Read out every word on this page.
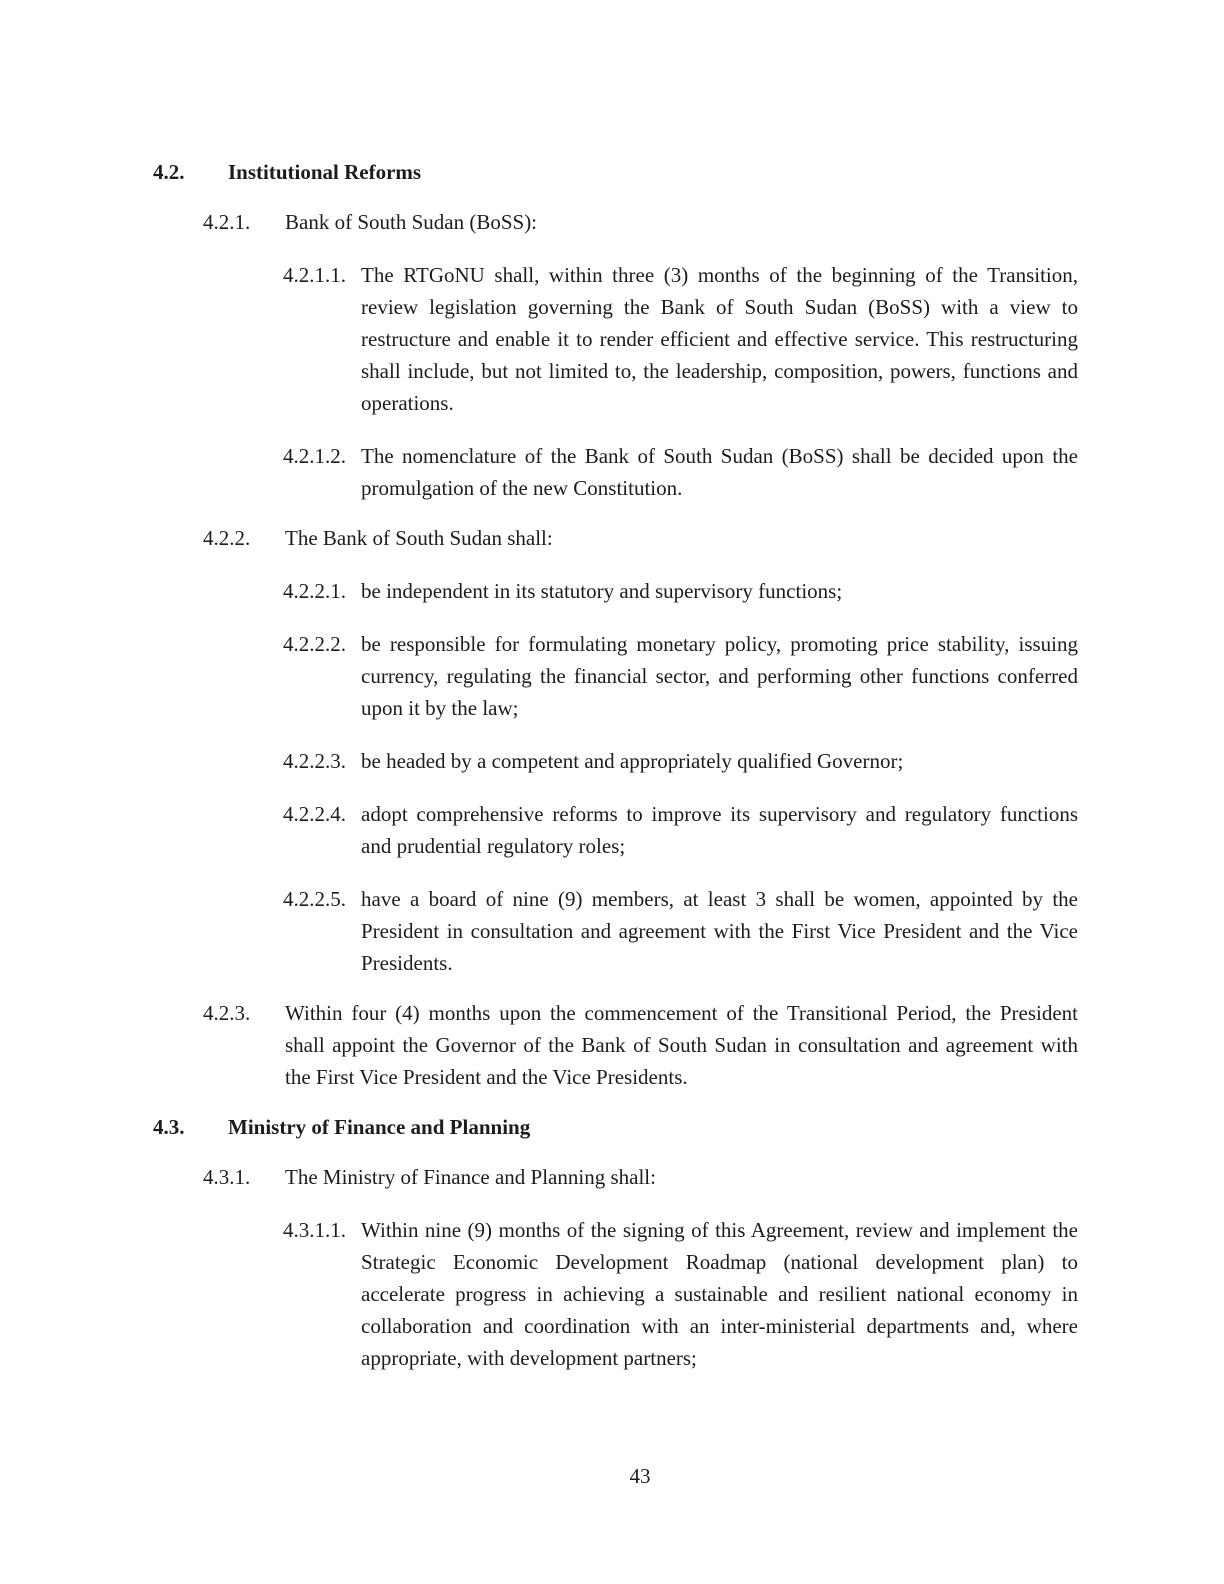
4.2.	Institutional Reforms
4.2.1.	Bank of South Sudan (BoSS):

4.2.1.1. The RTGoNU shall, within three (3) months of the beginning of the Transition, review legislation governing the Bank of South Sudan (BoSS) with a view to restructure and enable it to render efficient and effective service. This restructuring shall include, but not limited to, the leadership, composition, powers, functions and operations.

4.2.1.2. The nomenclature of the Bank of South Sudan (BoSS) shall be decided upon the promulgation of the new Constitution.

4.2.2.	The Bank of South Sudan shall:

4.2.2.1. be independent in its statutory and supervisory functions;

4.2.2.2. be responsible for formulating monetary policy, promoting price stability, issuing currency, regulating the financial sector, and performing other functions conferred upon it by the law;

4.2.2.3. be headed by a competent and appropriately qualified Governor;

4.2.2.4. adopt comprehensive reforms to improve its supervisory and regulatory functions and prudential regulatory roles;

4.2.2.5. have a board of nine (9) members, at least 3 shall be women, appointed by the President in consultation and agreement with the First Vice President and the Vice Presidents.

4.2.3.	Within four (4) months upon the commencement of the Transitional Period, the President shall appoint the Governor of the Bank of South Sudan in consultation and agreement with the First Vice President and the Vice Presidents.
4.3.	Ministry of Finance and Planning
4.3.1.	The Ministry of Finance and Planning shall:

4.3.1.1. Within nine (9) months of the signing of this Agreement, review and implement the Strategic Economic Development Roadmap (national development plan) to accelerate progress in achieving a sustainable and resilient national economy in collaboration and coordination with an inter-ministerial departments and, where appropriate, with development partners;

43
